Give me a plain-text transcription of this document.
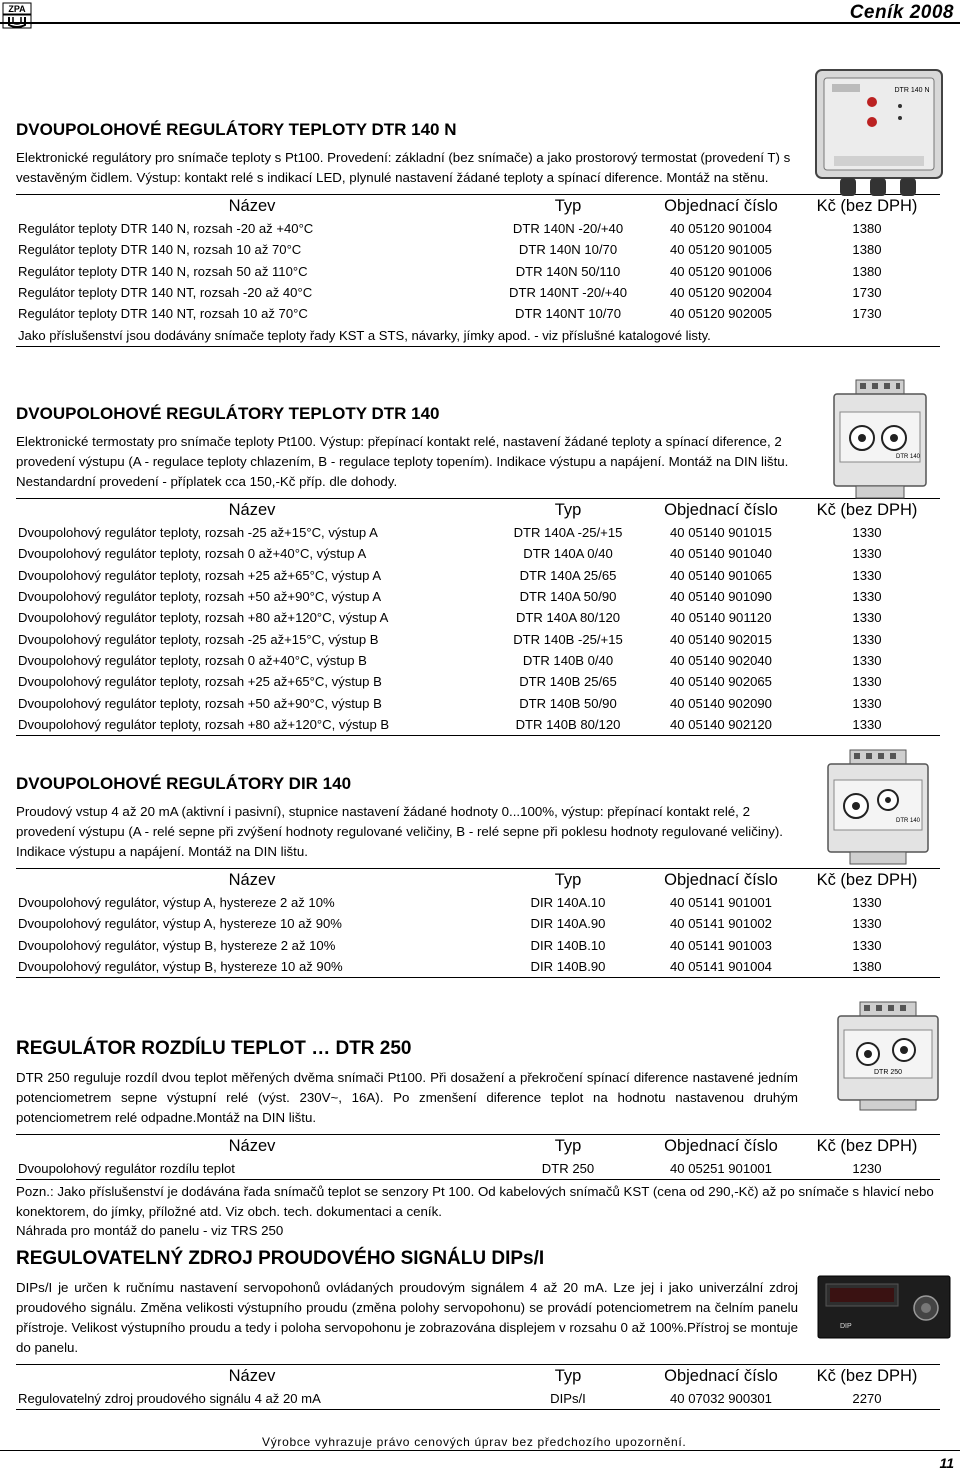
ZPA	Ceník 2008
DVOUPOLOHOVÉ REGULÁTORY TEPLOTY DTR 140 N
Elektronické regulátory pro snímače teploty s Pt100. Provedení: základní (bez snímače) a jako prostorový termostat (provedení T) s vestavěným čidlem. Výstup: kontakt relé s indikací LED, plynulé nastavení žádané teploty a spínací diference. Montáž na stěnu.
Název	Typ	Objednací číslo	Kč (bez DPH)
Regulátor teploty DTR 140 N, rozsah -20 až +40°C	DTR 140N -20/+40	40 05120 901004	1380
Regulátor teploty DTR 140 N, rozsah 10 až 70°C	DTR 140N 10/70	40 05120 901005	1380
Regulátor teploty DTR 140 N, rozsah 50 až 110°C	DTR 140N 50/110	40 05120 901006	1380
Regulátor teploty DTR 140 NT, rozsah -20 až 40°C	DTR 140NT -20/+40	40 05120 902004	1730
Regulátor teploty DTR 140 NT, rozsah 10 až 70°C	DTR 140NT 10/70	40 05120 902005	1730
Jako příslušenství jsou dodávány snímače teploty řady KST a STS, návarky, jímky apod. - viz příslušné katalogové listy.			
DTR 140 N
DVOUPOLOHOVÉ REGULÁTORY TEPLOTY DTR 140
Elektronické termostaty pro snímače teploty Pt100. Výstup: přepínací kontakt relé, nastavení žádané teploty a spínací diference, 2 provedení výstupu (A - regulace teploty chlazením, B - regulace teploty topením). Indikace výstupu a napájení. Montáž na DIN lištu. Nestandardní provedení - příplatek cca 150,-Kč příp. dle dohody.
Název	Typ	Objednací číslo	Kč (bez DPH)
Dvoupolohový regulátor teploty, rozsah -25 až+15°C, výstup A	DTR 140A -25/+15	40 05140 901015	1330
Dvoupolohový regulátor teploty, rozsah 0 až+40°C, výstup A	DTR 140A 0/40	40 05140 901040	1330
Dvoupolohový regulátor teploty, rozsah +25 až+65°C, výstup A	DTR 140A 25/65	40 05140 901065	1330
Dvoupolohový regulátor teploty, rozsah +50 až+90°C, výstup A	DTR 140A 50/90	40 05140 901090	1330
Dvoupolohový regulátor teploty, rozsah +80 až+120°C, výstup A	DTR 140A 80/120	40 05140 901120	1330
Dvoupolohový regulátor teploty, rozsah -25 až+15°C, výstup B	DTR 140B -25/+15	40 05140 902015	1330
Dvoupolohový regulátor teploty, rozsah 0 až+40°C, výstup B	DTR 140B 0/40	40 05140 902040	1330
Dvoupolohový regulátor teploty, rozsah +25 až+65°C, výstup B	DTR 140B 25/65	40 05140 902065	1330
Dvoupolohový regulátor teploty, rozsah +50 až+90°C, výstup B	DTR 140B 50/90	40 05140 902090	1330
Dvoupolohový regulátor teploty, rozsah +80 až+120°C, výstup B	DTR 140B 80/120	40 05140 902120	1330
DTR 140
DVOUPOLOHOVÉ REGULÁTORY DIR 140
Proudový vstup 4 až 20 mA (aktivní i pasivní), stupnice nastavení žádané hodnoty 0...100%, výstup: přepínací kontakt relé, 2 provedení výstupu (A - relé sepne při zvýšení hodnoty regulované veličiny, B - relé sepne při poklesu hodnoty regulované veličiny). Indikace výstupu a napájení. Montáž na DIN lištu.
Název	Typ	Objednací číslo	Kč (bez DPH)
Dvoupolohový regulátor, výstup A, hystereze 2 až 10%	DIR 140A.10	40 05141 901001	1330
Dvoupolohový regulátor, výstup A, hystereze 10 až 90%	DIR 140A.90	40 05141 901002	1330
Dvoupolohový regulátor, výstup B, hystereze 2 až 10%	DIR 140B.10	40 05141 901003	1330
Dvoupolohový regulátor, výstup B, hystereze 10 až 90%	DIR 140B.90	40 05141 901004	1380
DTR 140
REGULÁTOR ROZDÍLU TEPLOT … DTR 250
DTR 250 reguluje rozdíl dvou teplot měřených dvěma snímači Pt100. Při dosažení a překročení spínací diference nastavené jedním potenciometrem sepne výstupní relé (výst. 230V~, 16A). Po zmenšení diference teplot na hodnotu nastavenou druhým potenciometrem relé odpadne.Montáž na DIN lištu.
Název	Typ	Objednací číslo	Kč (bez DPH)
Dvoupolohový regulátor rozdílu teplot	DTR 250	40 05251 901001	1230
Pozn.: Jako příslušenství je dodávána řada snímačů teplot se senzory Pt 100. Od kabelových snímačů KST (cena od 290,-Kč) až po snímače s hlavicí nebo konektorem, do jímky, příložné atd. Viz obch. tech. dokumentaci a ceník.
Náhrada pro montáž do panelu - viz TRS 250
DTR 250
REGULOVATELNÝ ZDROJ PROUDOVÉHO SIGNÁLU DIPs/I
DIPs/I je určen k ručnímu nastavení servopohonů ovládaných proudovým signálem 4 až 20 mA. Lze jej i jako univerzální zdroj proudového signálu. Změna velikosti výstupního proudu (změna polohy servopohonu) se provádí potenciometrem na čelním panelu přístroje. Velikost výstupního proudu a tedy i poloha servopohonu je zobrazována displejem v rozsahu 0 až 100%.Přístroj se montuje do panelu.
Název	Typ	Objednací číslo	Kč (bez DPH)
Regulovatelný zdroj proudového signálu 4 až 20 mA	DIPs/I	40 07032 900301	2270
DIP
Výrobce vyhrazuje právo cenových úprav bez předchozího upozornění.
11
